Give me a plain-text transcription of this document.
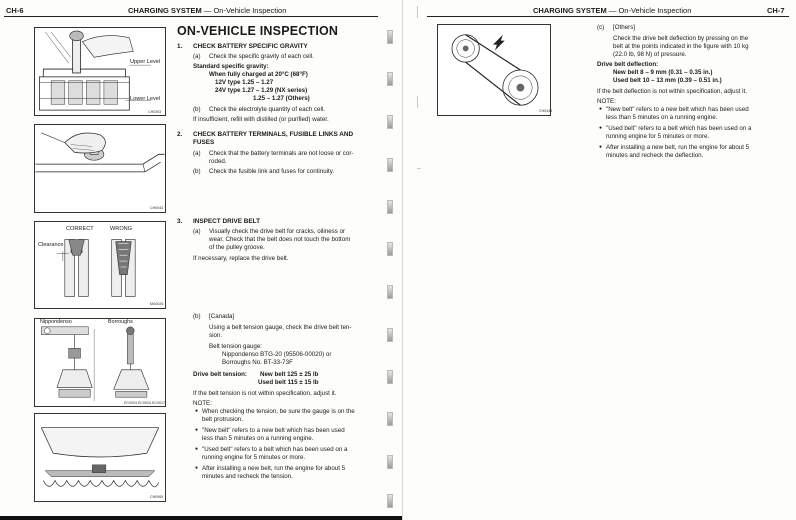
CH-6	CHARGING SYSTEM — On-Vehicle Inspection
Upper Level
Lower Level
CH0303
CH0043
CORRECT	WRONG
Clearance
MA0026
Nippondenso	Borroughs
EC0003 EC0004 EC0017
CH0065
ON-VEHICLE INSPECTION
1. CHECK BATTERY SPECIFIC GRAVITY
(a) Check the specific gravity of each cell.
Standard specific gravity:
When fully charged at 20°C (68°F)
12V type 1.25 – 1.27
24V type 1.27 – 1.29 (NX series)
1.25 – 1.27 (Others)
(b) Check the electrolyte quantity of each cell.
If insufficient, refill with distilled (or purified) water.
2. CHECK BATTERY TERMINALS, FUSIBLE LINKS AND
FUSES
(a) Check that the battery terminals are not loose or cor-
roded.
(b) Check the fusible link and fuses for continuity.
3. INSPECT DRIVE BELT
(a) Visually check the drive belt for cracks, oiliness or
wear. Check that the belt does not touch the bottom
of the pulley groove.
If necessary, replace the drive belt.
(b) [Canada]
Using a belt tension gauge, check the drive belt ten-
sion.
Belt tension gauge:
Nippondenso BTG-20 (95506-00020) or
Borroughs No. BT-33-73F
Drive belt tension: New belt 125 ± 25 lb
Used belt 115 ± 15 lb
If the belt tension is not within specification, adjust it.
NOTE:
● When checking the tension, be sure the gauge is on the
belt protrusion.
● "New belt" refers to a new belt which has been used
less than 5 minutes on a running engine.
● "Used belt" refers to a belt which has been used on a
running engine for 5 minutes or more.
● After installing a new belt, run the engine for about 5
minutes and recheck the tension.
CHARGING SYSTEM — On-Vehicle Inspection	CH-7
CH0448
(c) [Others]
Check the drive belt deflection by pressing on the
belt at the points indicated in the figure with 10 kg
(22.0 lb, 98 N) of pressure.
Drive belt deflection:
New belt 8 – 9 mm (0.31 – 0.35 in.)
Used belt 10 – 13 mm (0.39 – 0.51 in.)
If the belt deflection is not within specification, adjust it.
NOTE:
● "New belt" refers to a new belt which has been used
less than 5 minutes on a running engine.
● "Used belt" refers to a belt which has been used on a
running engine for 5 minutes or more.
● After installing a new belt, run the engine for about 5
minutes and recheck the deflection.
